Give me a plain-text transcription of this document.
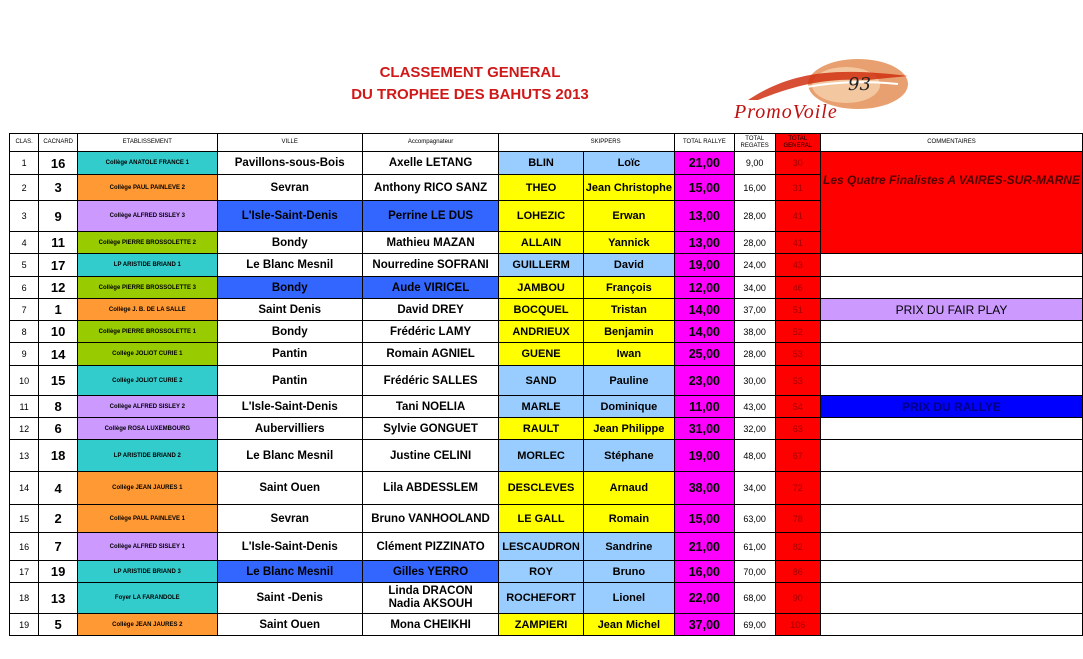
CLASSEMENT GENERAL
DU TROPHEE DES BAHUTS 2013	93
PromoVoile
CLAS.	CACNARD	ETABLISSEMENT	VILLE	Accompagnateur	SKIPPERS		TOTAL RALLYE	TOTAL REGATES	TOTAL GENERAL	COMMENTAIRES
1	16	Collège ANATOLE FRANCE 1	Pavillons-sous-Bois	Axelle LETANG	BLIN	Loïc	21,00	9,00	30	Les Quatre Finalistes A VAIRES-SUR-MARNE
2	3	Collège PAUL PAINLEVE 2	Sevran	Anthony RICO SANZ	THEO	Jean Christophe	15,00	16,00	31	
3	9	Collège ALFRED SISLEY 3	L'Isle-Saint-Denis	Perrine LE DUS	LOHEZIC	Erwan	13,00	28,00	41	
4	11	Collège PIERRE BROSSOLETTE 2	Bondy	Mathieu MAZAN	ALLAIN	Yannick	13,00	28,00	41	
5	17	LP ARISTIDE BRIAND 1	Le Blanc Mesnil	Nourredine SOFRANI	GUILLERM	David	19,00	24,00	43	
6	12	Collège PIERRE BROSSOLETTE 3	Bondy	Aude VIRICEL	JAMBOU	François	12,00	34,00	46	
7	1	Collège J. B. DE LA SALLE	Saint Denis	David DREY	BOCQUEL	Tristan	14,00	37,00	51	PRIX DU FAIR PLAY
8	10	Collège PIERRE BROSSOLETTE 1	Bondy	Frédéric LAMY	ANDRIEUX	Benjamin	14,00	38,00	52	
9	14	Collège JOLIOT CURIE 1	Pantin	Romain AGNIEL	GUENE	Iwan	25,00	28,00	53	
10	15	Collège JOLIOT CURIE 2	Pantin	Frédéric SALLES	SAND	Pauline	23,00	30,00	53	
11	8	Collège ALFRED SISLEY 2	L'Isle-Saint-Denis	Tani NOELIA	MARLE	Dominique	11,00	43,00	54	PRIX DU RALLYE
12	6	Collège ROSA LUXEMBOURG	Aubervilliers	Sylvie GONGUET	RAULT	Jean Philippe	31,00	32,00	63	
13	18	LP ARISTIDE BRIAND 2	Le Blanc Mesnil	Justine CELINI	MORLEC	Stéphane	19,00	48,00	67	
14	4	Collège JEAN JAURES 1	Saint Ouen	Lila ABDESSLEM	DESCLEVES	Arnaud	38,00	34,00	72	
15	2	Collège PAUL PAINLEVE 1	Sevran	Bruno VANHOOLAND	LE GALL	Romain	15,00	63,00	78	
16	7	Collège ALFRED SISLEY 1	L'Isle-Saint-Denis	Clément PIZZINATO	LESCAUDRON	Sandrine	21,00	61,00	82	
17	19	LP ARISTIDE BRIAND 3	Le Blanc Mesnil	Gilles YERRO	ROY	Bruno	16,00	70,00	86	
18	13	Foyer LA FARANDOLE	Saint -Denis	Linda DRACON
Nadia AKSOUH	ROCHEFORT	Lionel	22,00	68,00	90	
19	5	Collège JEAN JAURES 2	Saint Ouen	Mona CHEIKHI	ZAMPIERI	Jean Michel	37,00	69,00	106	
